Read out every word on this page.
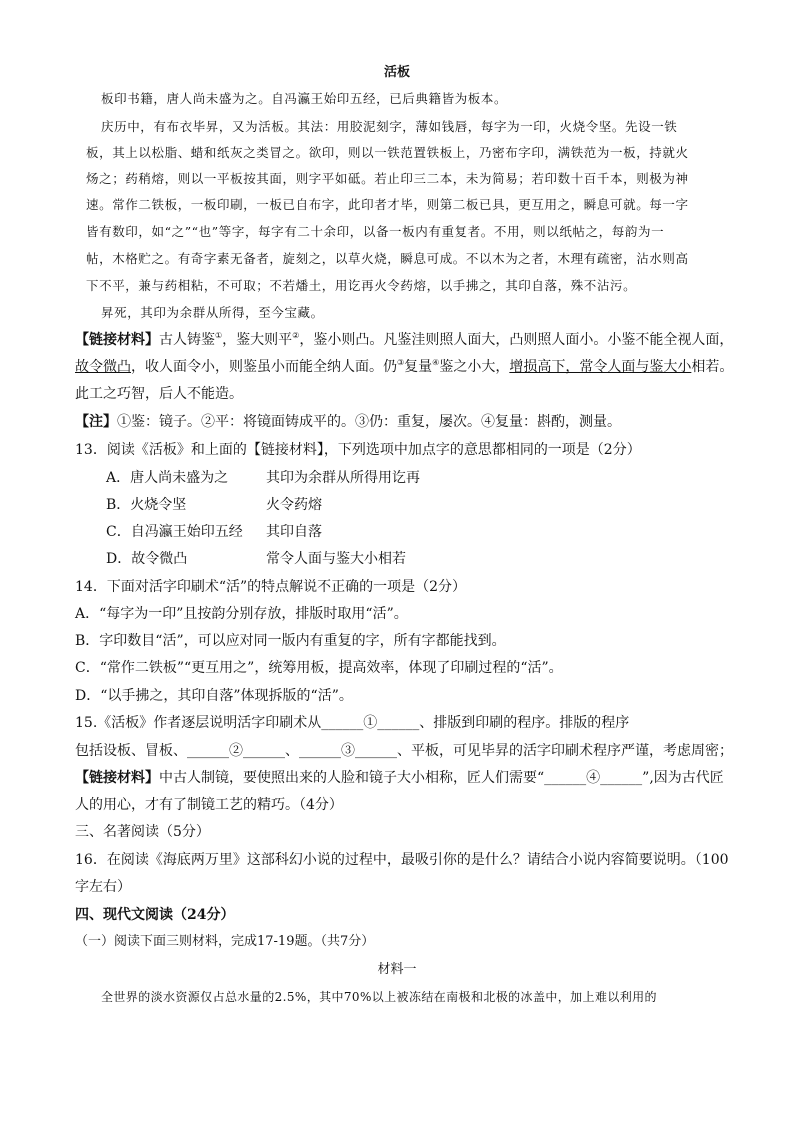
活板
板印书籍，唐人尚未盛为之。自冯瀛王始印五经，已后典籍皆为板本。
庆历中，有布衣毕昇，又为活板。其法：用胶泥刻字，薄如钱唇，每字为一印，火烧令坚。先设一铁
板，其上以松脂、蜡和纸灰之类冒之。欲印，则以一铁范置铁板上，乃密布字印，满铁范为一板，持就火
炀之；药稍熔，则以一平板按其面，则字平如砥。若止印三二本，未为简易；若印数十百千本，则极为神
速。常作二铁板，一板印刷，一板已自布字，此印者才毕，则第二板已具，更互用之，瞬息可就。每一字
皆有数印，如“之”“也”等字，每字有二十余印，以备一板内有重复者。不用，则以纸帖之，每韵为一
帖，木格贮之。有奇字素无备者，旋刻之，以草火烧，瞬息可成。不以木为之者，木理有疏密，沾水则高
下不平，兼与药相粘，不可取；不若燔土，用讫再火令药熔，以手拂之，其印自落，殊不沾污。
昇死，其印为余群从所得，至今宝藏。
【链接材料】古人铸鉴①，鉴大则平②，鉴小则凸。凡鉴洼则照人面大，凸则照人面小。小鉴不能全视人面，
故令微凸，收人面令小，则鉴虽小而能全纳人面。仍③复量④鉴之小大，增损高下，常令人面与鉴大小相若。
此工之巧智，后人不能造。
【注】①鉴：镜子。②平：将镜面铸成平的。③仍：重复，屡次。④复量：斟酌，测量。
13．阅读《活板》和上面的【链接材料】，下列选项中加点字的意思都相同的一项是（2分）
A．唐人尚未盛为之	其印为余群从所得用讫再
B．火烧令坚	火令药熔
C．自冯瀛王始印五经 其印自落
D．故令微凸	常令人面与鉴大小相若
14．下面对活字印刷术“活”的特点解说不正确的一项是（2分）
A．“每字为一印”且按韵分别存放，排版时取用“活”。
B．字印数目“活”，可以应对同一版内有重复的字，所有字都能找到。
C．“常作二铁板”“更互用之”，统筹用板，提高效率，体现了印刷过程的“活”。
D．“以手拂之，其印自落”体现拆版的“活”。
15.《活板》作者逐层说明活字印刷术从______①______、排版到印刷的程序。排版的程序
包括设板、冒板、______②______、______③______、平板，可见毕昇的活字印刷术程序严谨，考虑周密；
【链接材料】中古人制镜，要使照出来的人脸和镜子大小相称，匠人们需要“______④______”,因为古代匠
人的用心，才有了制镜工艺的精巧。（4分）
三、名著阅读（5分）
16．在阅读《海底两万里》这部科幻小说的过程中，最吸引你的是什么？请结合小说内容简要说明。（100
字左右）
四、现代文阅读（24分）
（一）阅读下面三则材料，完成17-19题。（共7分）
材料一
全世界的淡水资源仅占总水量的2.5%，其中70%以上被冻结在南极和北极的冰盖中，加上难以利用的
